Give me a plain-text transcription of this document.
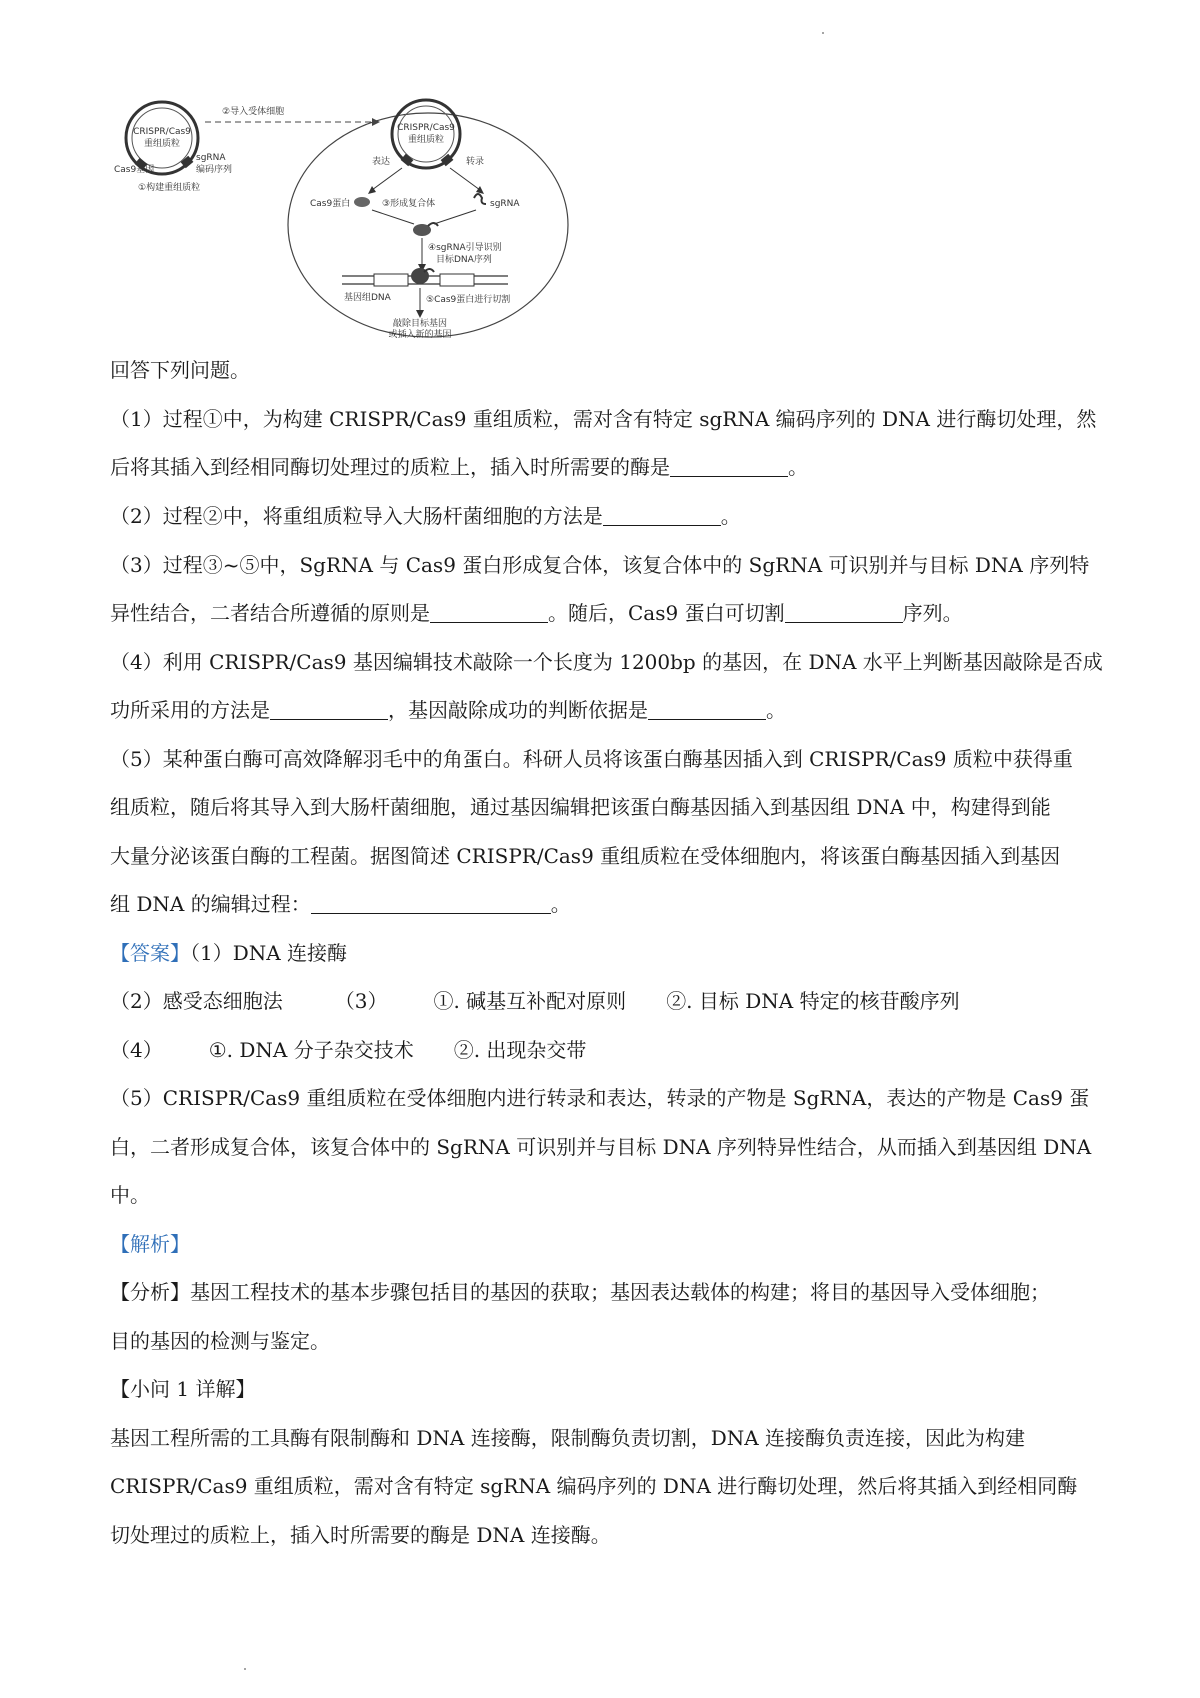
CRISPR/Cas9
重组质粒
Cas9基因
sgRNA
编码序列
①构建重组质粒
②导入受体细胞
CRISPR/Cas9
重组质粒
表达	转录
Cas9蛋白	sgRNA
③形成复合体
④sgRNA引导识别
目标DNA序列
基因组DNA	⑤Cas9蛋白进行切割
敲除目标基因
或插入新的基因
回答下列问题。
（1）过程①中，为构建 CRISPR/Cas9 重组质粒，需对含有特定 sgRNA 编码序列的 DNA 进行酶切处理，然
后将其插入到经相同酶切处理过的质粒上，插入时所需要的酶是	。
（2）过程②中，将重组质粒导入大肠杆菌细胞的方法是	。
（3）过程③~⑤中，SgRNA 与 Cas9 蛋白形成复合体，该复合体中的 SgRNA 可识别并与目标 DNA 序列特
异性结合，二者结合所遵循的原则是	。随后，Cas9 蛋白可切割	序列。
（4）利用 CRISPR/Cas9 基因编辑技术敲除一个长度为 1200bp 的基因，在 DNA 水平上判断基因敲除是否成
功所采用的方法是	，基因敲除成功的判断依据是	。
（5）某种蛋白酶可高效降解羽毛中的角蛋白。科研人员将该蛋白酶基因插入到 CRISPR/Cas9 质粒中获得重
组质粒，随后将其导入到大肠杆菌细胞，通过基因编辑把该蛋白酶基因插入到基因组 DNA 中，构建得到能
大量分泌该蛋白酶的工程菌。据图简述 CRISPR/Cas9 重组质粒在受体细胞内，将该蛋白酶基因插入到基因
组 DNA 的编辑过程：	。
【答案】（1）DNA 连接酶
（2）感受态细胞法	（3） ①. 碱基互补配对原则 ②. 目标 DNA 特定的核苷酸序列
（4） ①. DNA 分子杂交技术 ②. 出现杂交带
（5）CRISPR/Cas9 重组质粒在受体细胞内进行转录和表达，转录的产物是 SgRNA，表达的产物是 Cas9 蛋
白，二者形成复合体，该复合体中的 SgRNA 可识别并与目标 DNA 序列特异性结合，从而插入到基因组 DNA
中。
【解析】
【分析】基因工程技术的基本步骤包括目的基因的获取；基因表达载体的构建；将目的基因导入受体细胞；
目的基因的检测与鉴定。
【小问 1 详解】
基因工程所需的工具酶有限制酶和 DNA 连接酶，限制酶负责切割，DNA 连接酶负责连接，因此为构建
CRISPR/Cas9 重组质粒，需对含有特定 sgRNA 编码序列的 DNA 进行酶切处理，然后将其插入到经相同酶
切处理过的质粒上，插入时所需要的酶是 DNA 连接酶。
